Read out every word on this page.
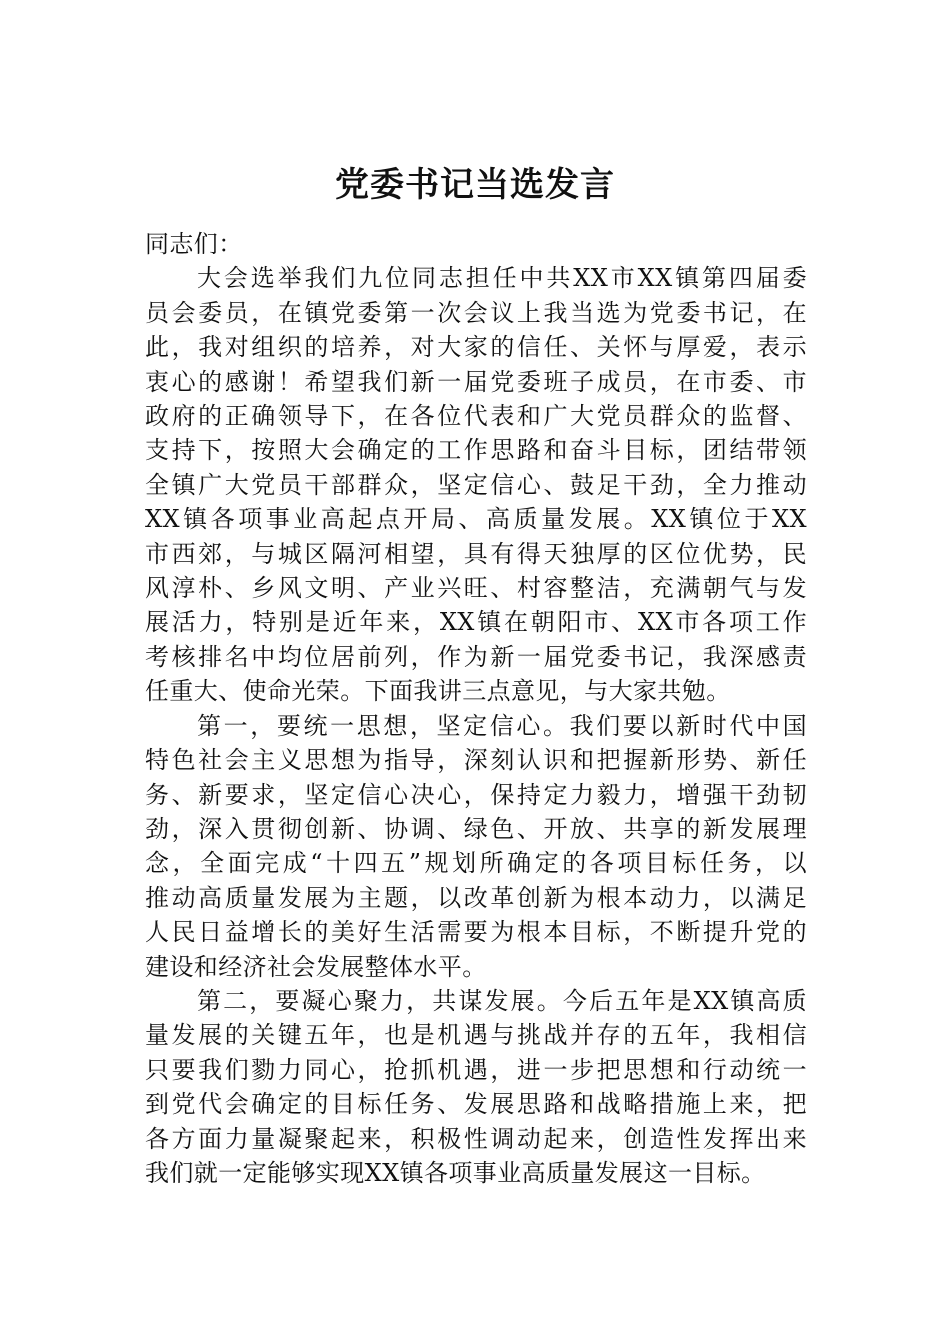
党委书记当选发言
同志们：
大会选举我们九位同志担任中共XX市XX镇第四届委
员会委员，在镇党委第一次会议上我当选为党委书记，在
此，我对组织的培养，对大家的信任、关怀与厚爱，表示
衷心的感谢！希望我们新一届党委班子成员，在市委、市
政府的正确领导下，在各位代表和广大党员群众的监督、
支持下，按照大会确定的工作思路和奋斗目标，团结带领
全镇广大党员干部群众，坚定信心、鼓足干劲，全力推动
XX镇各项事业高起点开局、高质量发展。XX镇位于XX
市西郊，与城区隔河相望，具有得天独厚的区位优势，民
风淳朴、乡风文明、产业兴旺、村容整洁，充满朝气与发
展活力，特别是近年来，XX镇在朝阳市、XX市各项工作
考核排名中均位居前列，作为新一届党委书记，我深感责
任重大、使命光荣。下面我讲三点意见，与大家共勉。
第一，要统一思想，坚定信心。我们要以新时代中国
特色社会主义思想为指导，深刻认识和把握新形势、新任
务、新要求，坚定信心决心，保持定力毅力，增强干劲韧
劲，深入贯彻创新、协调、绿色、开放、共享的新发展理
念，全面完成“十四五”规划所确定的各项目标任务，以
推动高质量发展为主题，以改革创新为根本动力，以满足
人民日益增长的美好生活需要为根本目标，不断提升党的
建设和经济社会发展整体水平。
第二，要凝心聚力，共谋发展。今后五年是XX镇高质
量发展的关键五年，也是机遇与挑战并存的五年，我相信
只要我们勠力同心，抢抓机遇，进一步把思想和行动统一
到党代会确定的目标任务、发展思路和战略措施上来，把
各方面力量凝聚起来，积极性调动起来，创造性发挥出来
我们就一定能够实现XX镇各项事业高质量发展这一目标。
